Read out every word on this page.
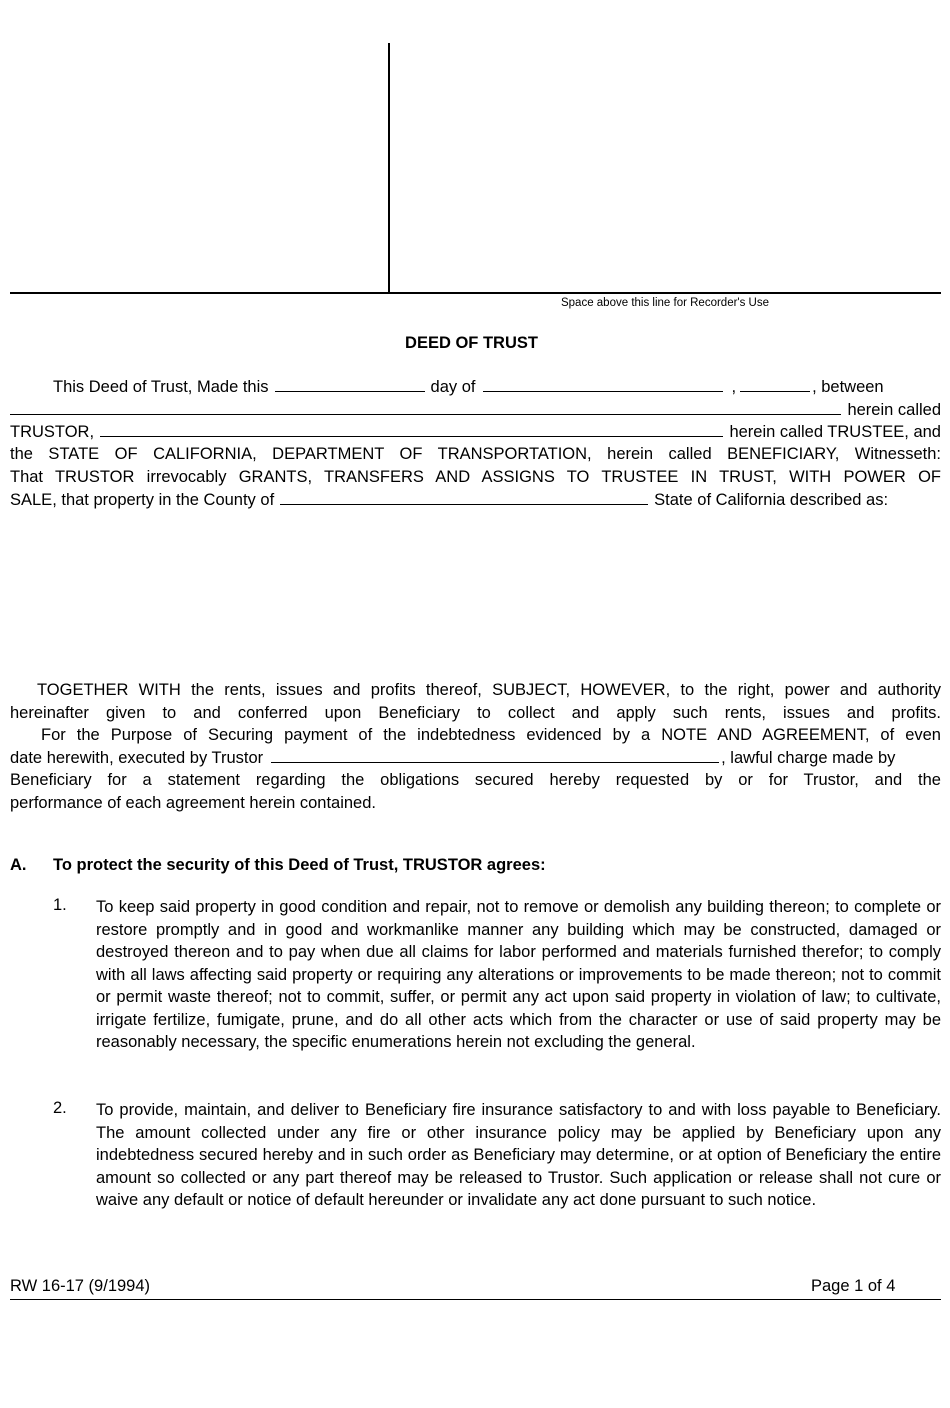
Space above this line for Recorder's Use
DEED OF TRUST
This Deed of Trust, Made this	day of	,	, between
herein called
TRUSTOR,	herein called TRUSTEE, and
the STATE OF CALIFORNIA, DEPARTMENT OF TRANSPORTATION, herein called BENEFICIARY, Witnesseth:
That TRUSTOR irrevocably GRANTS, TRANSFERS AND ASSIGNS TO TRUSTEE IN TRUST, WITH POWER OF
SALE, that property in the County of	State of California described as:
TOGETHER WITH the rents, issues and profits thereof, SUBJECT, HOWEVER, to the right, power and authority
hereinafter given to and conferred upon Beneficiary to collect and apply such rents, issues and profits.
For the Purpose of Securing payment of the indebtedness evidenced by a NOTE AND AGREEMENT, of even
date herewith, executed by Trustor	, lawful charge made by
Beneficiary for a statement regarding the obligations secured hereby requested by or for Trustor, and the
performance of each agreement herein contained.
A. To protect the security of this Deed of Trust, TRUSTOR agrees:
1. To keep said property in good condition and repair, not to remove or demolish any building thereon; to complete or restore promptly and in good and workmanlike manner any building which may be constructed, damaged or destroyed thereon and to pay when due all claims for labor performed and materials furnished therefor; to comply with all laws affecting said property or requiring any alterations or improvements to be made thereon; not to commit or permit waste thereof; not to commit, suffer, or permit any act upon said property in violation of law; to cultivate, irrigate fertilize, fumigate, prune, and do all other acts which from the character or use of said property may be reasonably necessary, the specific enumerations herein not excluding the general.
2. To provide, maintain, and deliver to Beneficiary fire insurance satisfactory to and with loss payable to Beneficiary. The amount collected under any fire or other insurance policy may be applied by Beneficiary upon any indebtedness secured hereby and in such order as Beneficiary may determine, or at option of Beneficiary the entire amount so collected or any part thereof may be released to Trustor. Such application or release shall not cure or waive any default or notice of default hereunder or invalidate any act done pursuant to such notice.
RW 16-17 (9/1994)	Page 1 of 4
